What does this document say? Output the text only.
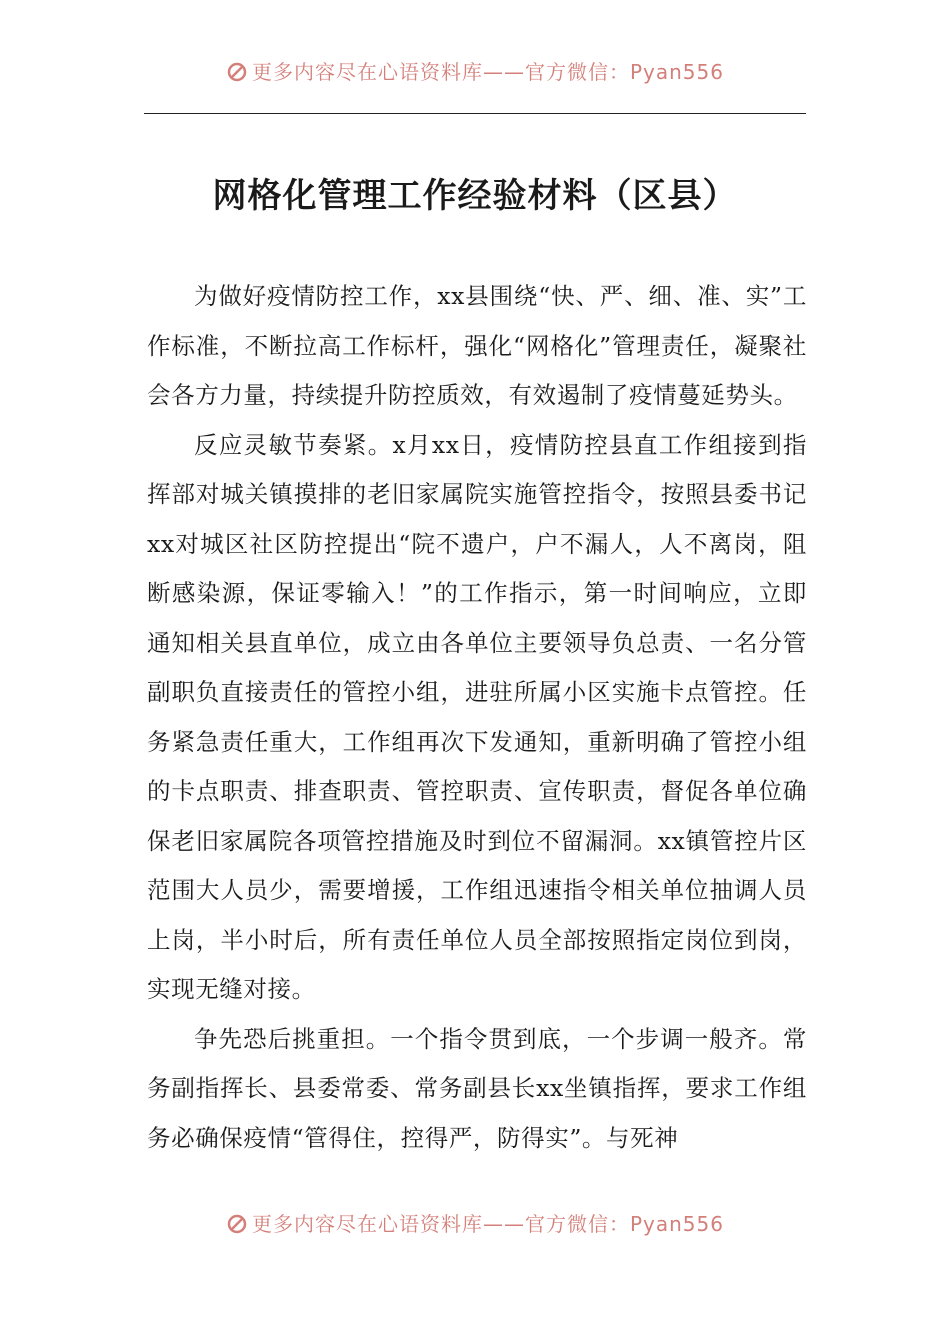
更多内容尽在心语资料库——官方微信：Pyan556
网格化管理工作经验材料（区县）

为做好疫情防控工作，xx县围绕“快、严、细、准、实”工作标准，不断拉高工作标杆，强化“网格化”管理责任，凝聚社会各方力量，持续提升防控质效，有效遏制了疫情蔓延势头。

反应灵敏节奏紧。x月xx日，疫情防控县直工作组接到指挥部对城关镇摸排的老旧家属院实施管控指令，按照县委书记xx对城区社区防控提出“院不遗户，户不漏人，人不离岗，阻断感染源，保证零输入！”的工作指示，第一时间响应，立即通知相关县直单位，成立由各单位主要领导负总责、一名分管副职负直接责任的管控小组，进驻所属小区实施卡点管控。任务紧急责任重大，工作组再次下发通知，重新明确了管控小组的卡点职责、排查职责、管控职责、宣传职责，督促各单位确保老旧家属院各项管控措施及时到位不留漏洞。xx镇管控片区范围大人员少，需要增援，工作组迅速指令相关单位抽调人员上岗，半小时后，所有责任单位人员全部按照指定岗位到岗，实现无缝对接。

争先恐后挑重担。一个指令贯到底，一个步调一般齐。常务副指挥长、县委常委、常务副县长xx坐镇指挥，要求工作组务必确保疫情“管得住，控得严，防得实”。与死神

更多内容尽在心语资料库——官方微信：Pyan556
